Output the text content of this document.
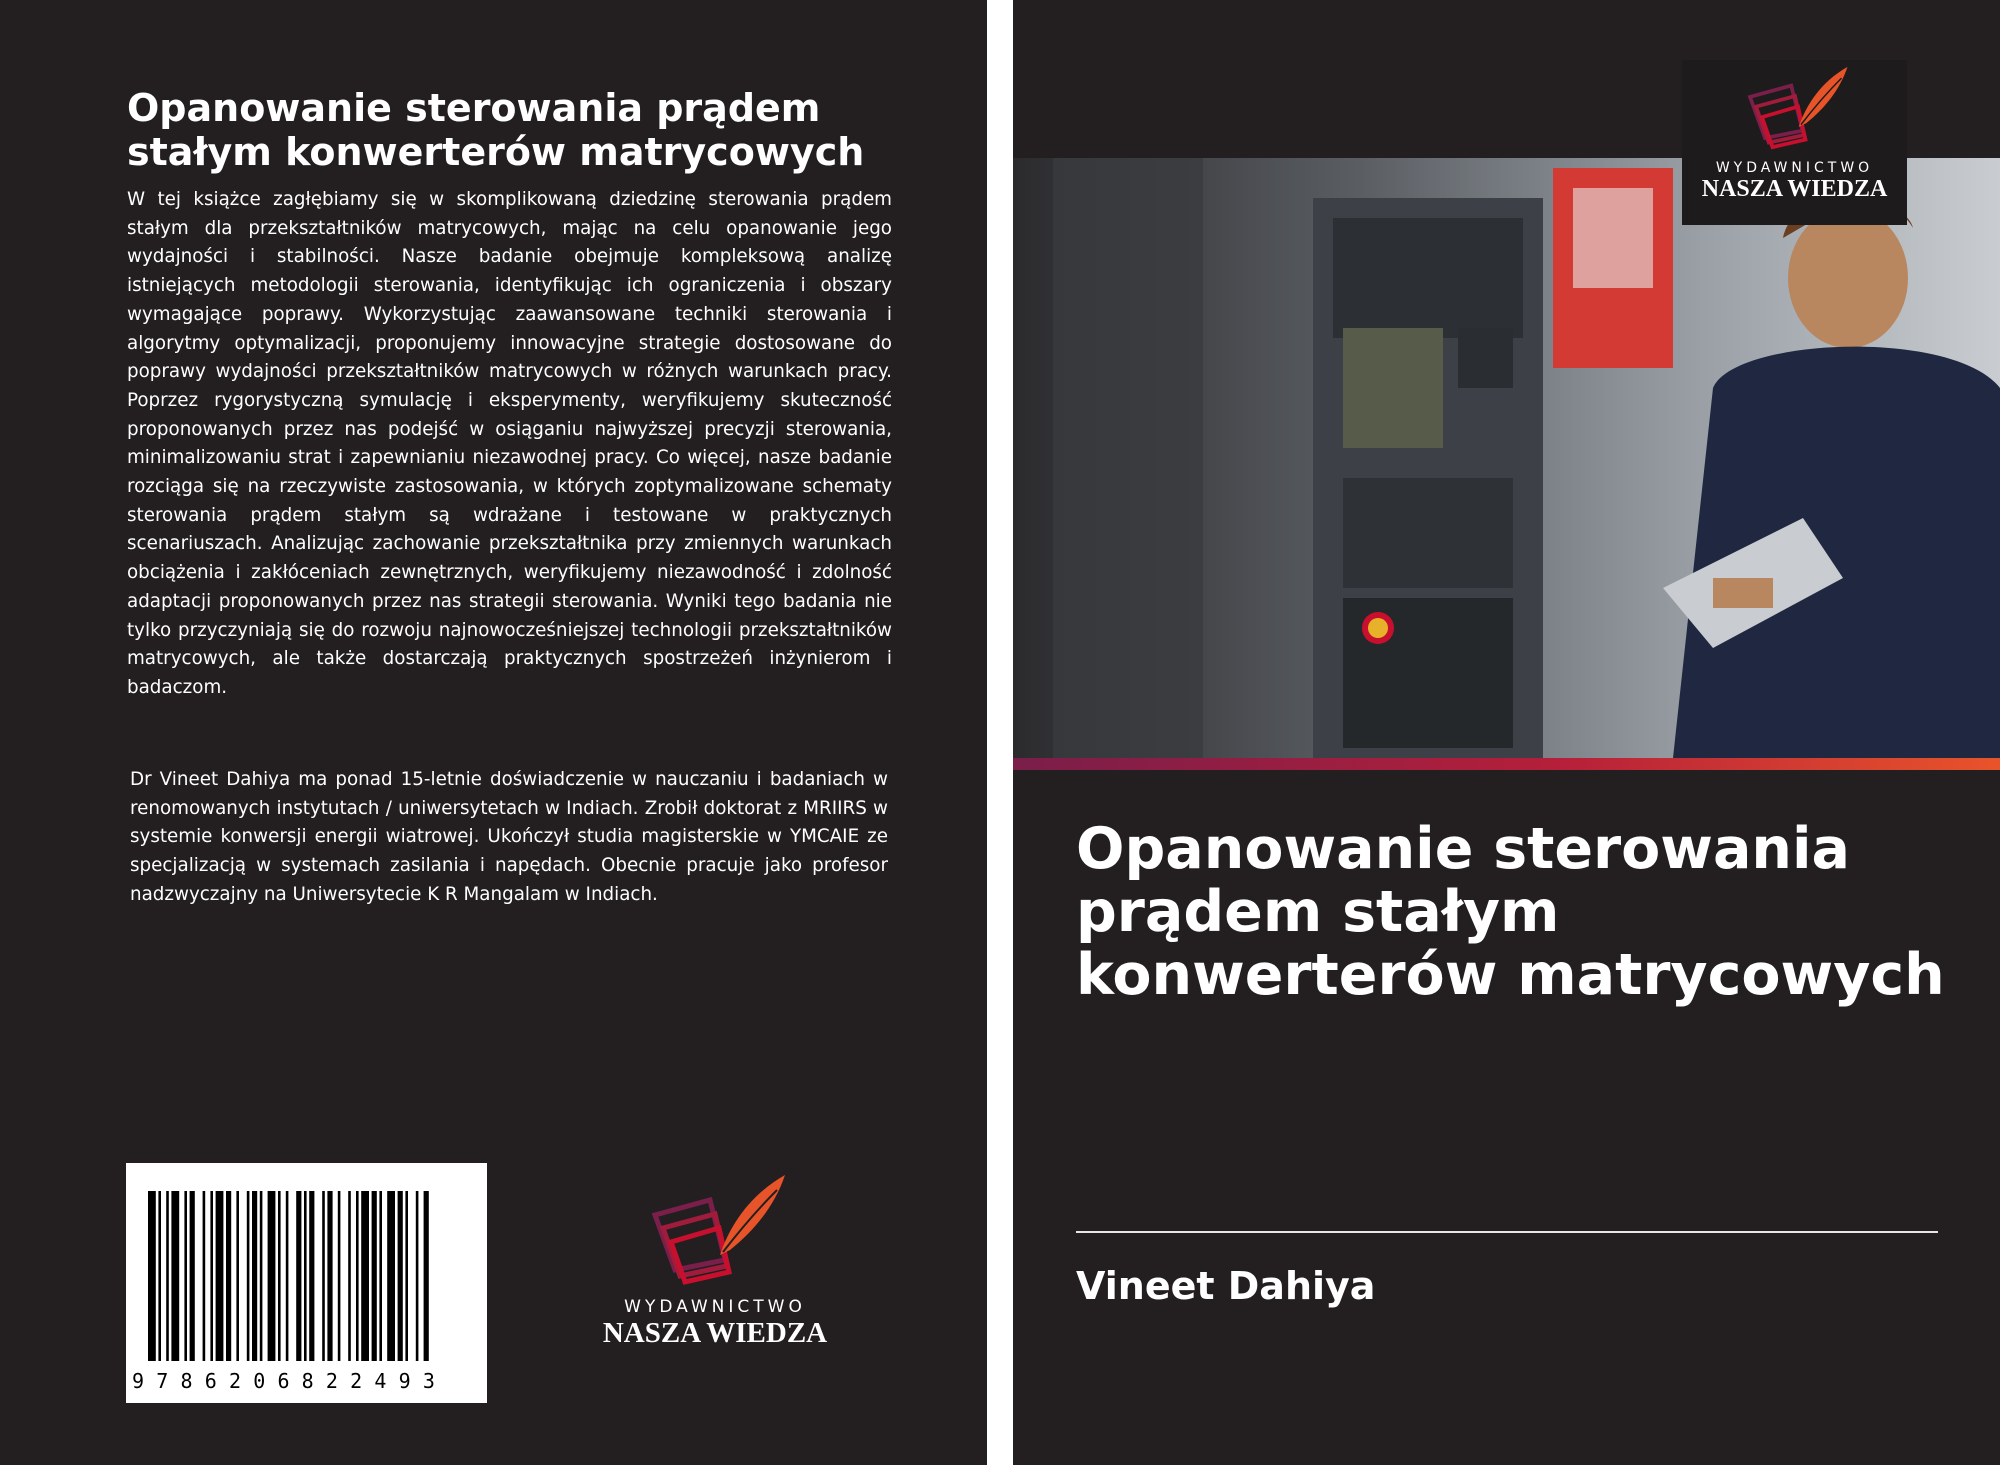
Opanowanie sterowania prądem stałym konwerterów matrycowych

W tej książce zagłębiamy się w skomplikowaną dziedzinę sterowania prądem stałym dla przekształtników matrycowych, mając na celu opanowanie jego wydajności i stabilności. Nasze badanie obejmuje kompleksową analizę istniejących metodologii sterowania, identyfikując ich ograniczenia i obszary wymagające poprawy. Wykorzystując zaawansowane techniki sterowania i algorytmy optymalizacji, proponujemy innowacyjne strategie dostosowane do poprawy wydajności przekształtników matrycowych w różnych warunkach pracy. Poprzez rygorystyczną symulację i eksperymenty, weryfikujemy skuteczność proponowanych przez nas podejść w osiąganiu najwyższej precyzji sterowania, minimalizowaniu strat i zapewnianiu niezawodnej pracy. Co więcej, nasze badanie rozciąga się na rzeczywiste zastosowania, w których zoptymalizowane schematy sterowania prądem stałym są wdrażane i testowane w praktycznych scenariuszach. Analizując zachowanie przekształtnika przy zmiennych warunkach obciążenia i zakłóceniach zewnętrznych, weryfikujemy niezawodność i zdolność adaptacji proponowanych przez nas strategii sterowania. Wyniki tego badania nie tylko przyczyniają się do rozwoju najnowocześniejszej technologii przekształtników matrycowych, ale także dostarczają praktycznych spostrzeżeń inżynierom i badaczom.

Dr Vineet Dahiya ma ponad 15-letnie doświadczenie w nauczaniu i badaniach w renomowanych instytutach / uniwersytetach w Indiach. Zrobił doktorat z MRIIRS w systemie konwersji energii wiatrowej. Ukończył studia magisterskie w YMCAIE ze specjalizacją w systemach zasilania i napędach. Obecnie pracuje jako profesor nadzwyczajny na Uniwersytecie K R Mangalam w Indiach.

9786206822493
WYDAWNICTWO
NASZA WIEDZA
WYDAWNICTWO
NASZA WIEDZA
Opanowanie sterowania prądem stałym konwerterów matrycowych
Vineet Dahiya
